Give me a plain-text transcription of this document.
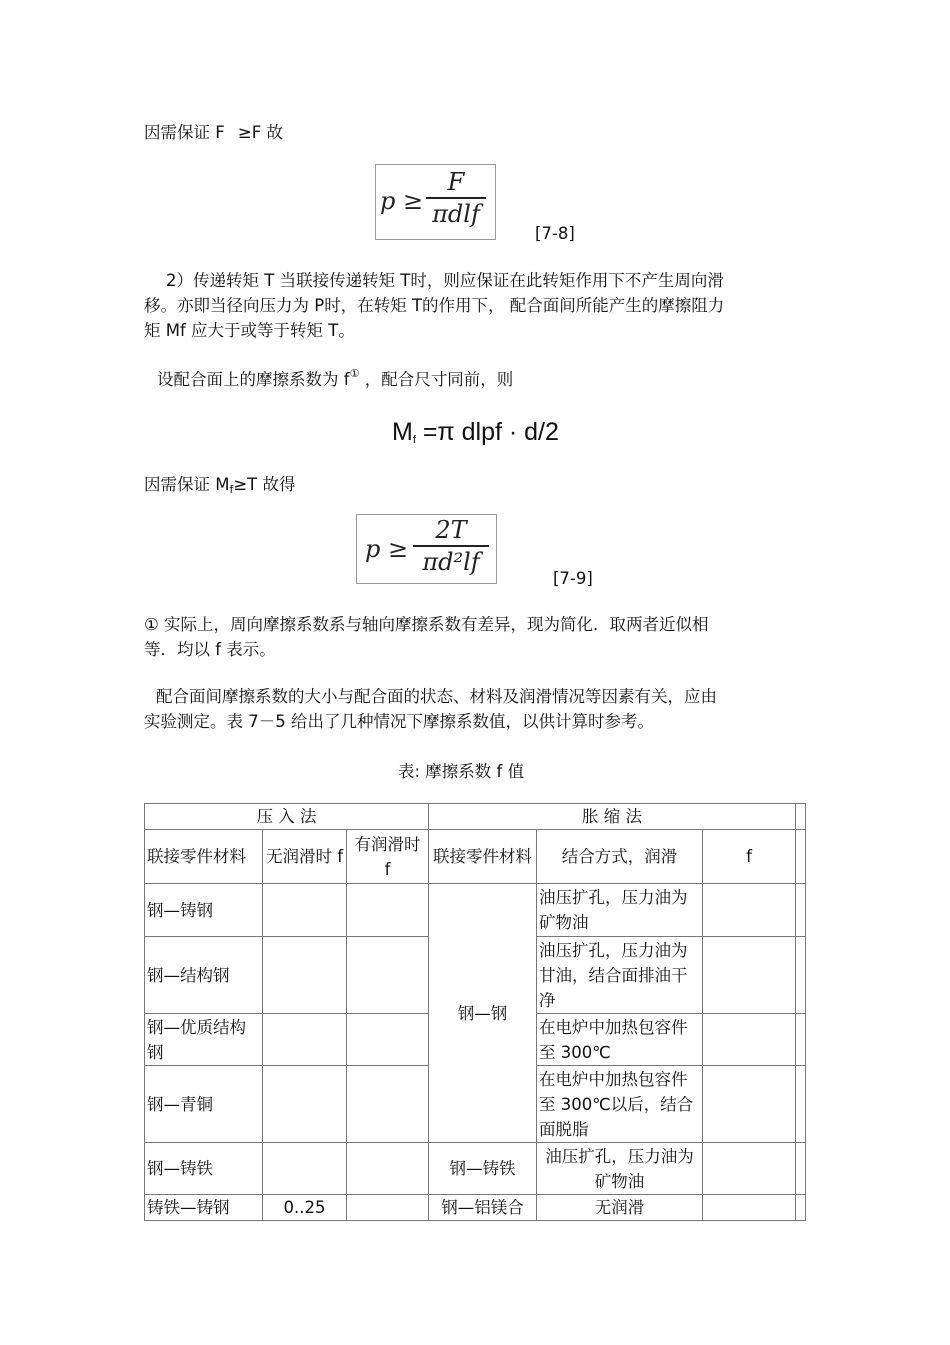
因需保证 F≥F 故
p ≥
F
πdlf
[7-8]
2）传递转矩 T 当联接传递转矩 T时，则应保证在此转矩作用下不产生周向滑
移。亦即当径向压力为 P时，在转矩 T的作用下， 配合面间所能产生的摩擦阻力
矩 Mf 应大于或等于转矩 T。
设配合面上的摩擦系数为 f① ，配合尺寸同前，则
Mf =π dlpf · d/2
因需保证 Mf≥T 故得
p ≥
2T
πd²lf
[7-9]
① 实际上，周向摩擦系数系与轴向摩擦系数有差异，现为简化．取两者近似相
等．均以 f 表示。
配合面间摩擦系数的大小与配合面的状态、材料及润滑情况等因素有关，应由
实验测定。表 7－5 给出了几种情况下摩擦系数值，以供计算时参考。
表: 摩擦系数 f 值
压 入 法			胀 缩 法			
联接零件材料	无润滑时 f	有润滑时 f	联接零件材料	结合方式，润滑	f	
钢—铸钢			钢—钢	油压扩孔，压力油为矿物油		
钢—结构钢				油压扩孔，压力油为甘油，结合面排油干净		
钢—优质结构钢				在电炉中加热包容件至 300℃		
钢—青铜				在电炉中加热包容件至 300℃以后，结合面脱脂		
钢—铸铁			钢—铸铁	油压扩孔，压力油为矿物油		
铸铁—铸钢	0..25		钢—铝镁合	无润滑		
